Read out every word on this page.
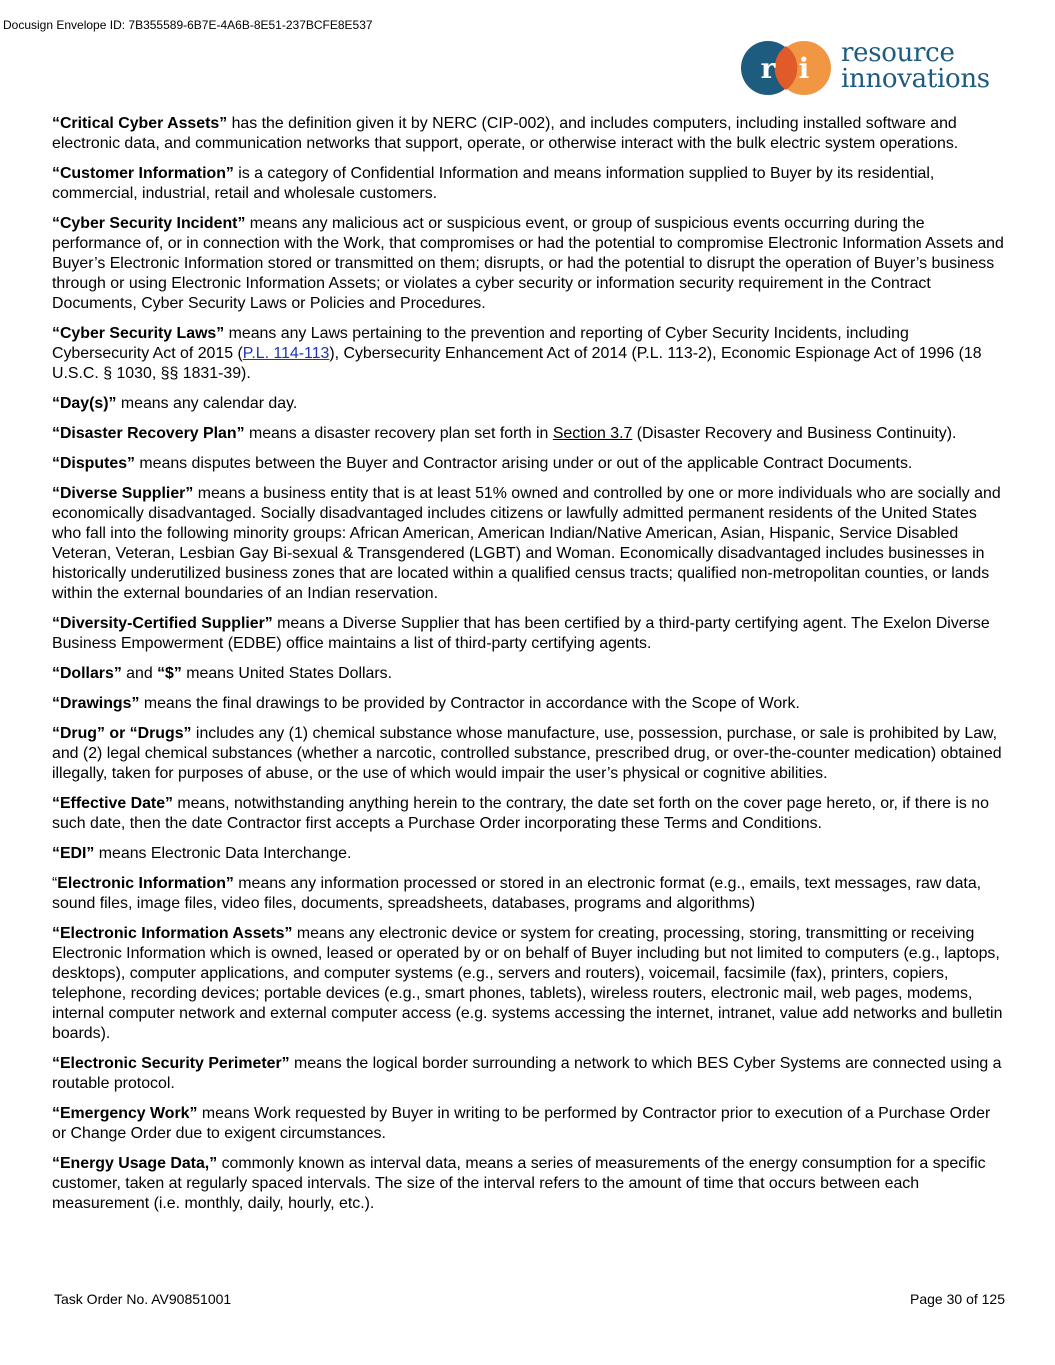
Docusign Envelope ID: 7B355589-6B7E-4A6B-8E51-237BCFE8E537
r i resource
innovations

“Critical Cyber Assets” has the definition given it by NERC (CIP-002), and includes computers, including installed software and electronic data, and communication networks that support, operate, or otherwise interact with the bulk electric system operations.

“Customer Information” is a category of Confidential Information and means information supplied to Buyer by its residential, commercial, industrial, retail and wholesale customers.

“Cyber Security Incident” means any malicious act or suspicious event, or group of suspicious events occurring during the performance of, or in connection with the Work, that compromises or had the potential to compromise Electronic Information Assets and Buyer’s Electronic Information stored or transmitted on them; disrupts, or had the potential to disrupt the operation of Buyer’s business through or using Electronic Information Assets; or violates a cyber security or information security requirement in the Contract Documents, Cyber Security Laws or Policies and Procedures.

“Cyber Security Laws” means any Laws pertaining to the prevention and reporting of Cyber Security Incidents, including Cybersecurity Act of 2015 (P.L. 114-113), Cybersecurity Enhancement Act of 2014 (P.L. 113-2), Economic Espionage Act of 1996 (18 U.S.C. § 1030, §§ 1831-39).

“Day(s)” means any calendar day.

“Disaster Recovery Plan” means a disaster recovery plan set forth in Section 3.7 (Disaster Recovery and Business Continuity).

“Disputes” means disputes between the Buyer and Contractor arising under or out of the applicable Contract Documents.

“Diverse Supplier” means a business entity that is at least 51% owned and controlled by one or more individuals who are socially and economically disadvantaged. Socially disadvantaged includes citizens or lawfully admitted permanent residents of the United States who fall into the following minority groups: African American, American Indian/Native American, Asian, Hispanic, Service Disabled Veteran, Veteran, Lesbian Gay Bi-sexual & Transgendered (LGBT) and Woman. Economically disadvantaged includes businesses in historically underutilized business zones that are located within a qualified census tracts; qualified non-metropolitan counties, or lands within the external boundaries of an Indian reservation.

“Diversity-Certified Supplier” means a Diverse Supplier that has been certified by a third-party certifying agent. The Exelon Diverse Business Empowerment (EDBE) office maintains a list of third-party certifying agents.

“Dollars” and “$” means United States Dollars.

“Drawings” means the final drawings to be provided by Contractor in accordance with the Scope of Work.

“Drug” or “Drugs” includes any (1) chemical substance whose manufacture, use, possession, purchase, or sale is prohibited by Law, and (2) legal chemical substances (whether a narcotic, controlled substance, prescribed drug, or over-the-counter medication) obtained illegally, taken for purposes of abuse, or the use of which would impair the user’s physical or cognitive abilities.

“Effective Date” means, notwithstanding anything herein to the contrary, the date set forth on the cover page hereto, or, if there is no such date, then the date Contractor first accepts a Purchase Order incorporating these Terms and Conditions.

“EDI” means Electronic Data Interchange.

“Electronic Information” means any information processed or stored in an electronic format (e.g., emails, text messages, raw data, sound files, image files, video files, documents, spreadsheets, databases, programs and algorithms)

“Electronic Information Assets” means any electronic device or system for creating, processing, storing, transmitting or receiving Electronic Information which is owned, leased or operated by or on behalf of Buyer including but not limited to computers (e.g., laptops, desktops), computer applications, and computer systems (e.g., servers and routers), voicemail, facsimile (fax), printers, copiers, telephone, recording devices; portable devices (e.g., smart phones, tablets), wireless routers, electronic mail, web pages, modems, internal computer network and external computer access (e.g. systems accessing the internet, intranet, value add networks and bulletin boards).

“Electronic Security Perimeter” means the logical border surrounding a network to which BES Cyber Systems are connected using a routable protocol.

“Emergency Work” means Work requested by Buyer in writing to be performed by Contractor prior to execution of a Purchase Order or Change Order due to exigent circumstances.

“Energy Usage Data,” commonly known as interval data, means a series of measurements of the energy consumption for a specific customer, taken at regularly spaced intervals. The size of the interval refers to the amount of time that occurs between each measurement (i.e. monthly, daily, hourly, etc.).

Task Order No. AV90851001	Page 30 of 125
